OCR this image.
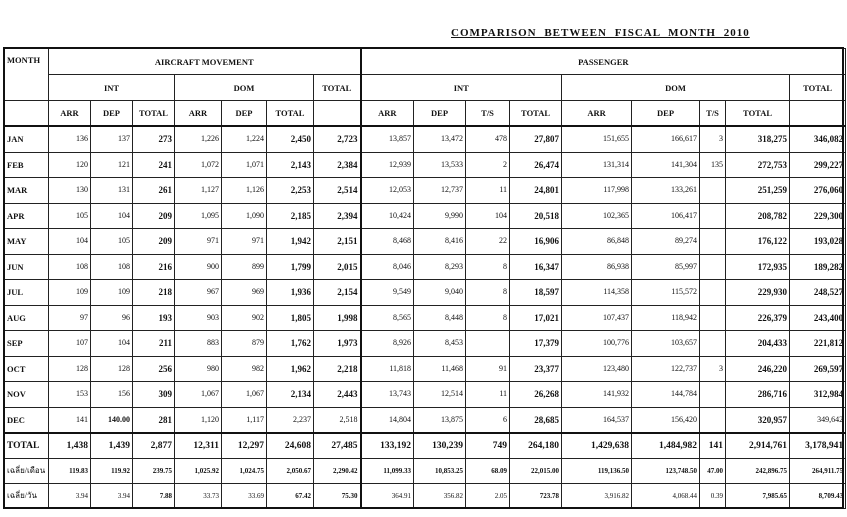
COMPARISON BETWEEN FISCAL MONTH 2010
MONTH	AIRCRAFT MOVEMENT							PASSENGER								
	INT			DOM			TOTAL	INT				DOM				TOTAL
	ARR	DEP	TOTAL	ARR	DEP	TOTAL		ARR	DEP	T/S	TOTAL	ARR	DEP	T/S	TOTAL	
JAN	136	137	273	1,226	1,224	2,450	2,723	13,857	13,472	478	27,807	151,655	166,617	3	318,275	346,082
FEB	120	121	241	1,072	1,071	2,143	2,384	12,939	13,533	2	26,474	131,314	141,304	135	272,753	299,227
MAR	130	131	261	1,127	1,126	2,253	2,514	12,053	12,737	11	24,801	117,998	133,261		251,259	276,060
APR	105	104	209	1,095	1,090	2,185	2,394	10,424	9,990	104	20,518	102,365	106,417		208,782	229,300
MAY	104	105	209	971	971	1,942	2,151	8,468	8,416	22	16,906	86,848	89,274		176,122	193,028
JUN	108	108	216	900	899	1,799	2,015	8,046	8,293	8	16,347	86,938	85,997		172,935	189,282
JUL	109	109	218	967	969	1,936	2,154	9,549	9,040	8	18,597	114,358	115,572		229,930	248,527
AUG	97	96	193	903	902	1,805	1,998	8,565	8,448	8	17,021	107,437	118,942		226,379	243,400
SEP	107	104	211	883	879	1,762	1,973	8,926	8,453		17,379	100,776	103,657		204,433	221,812
OCT	128	128	256	980	982	1,962	2,218	11,818	11,468	91	23,377	123,480	122,737	3	246,220	269,597
NOV	153	156	309	1,067	1,067	2,134	2,443	13,743	12,514	11	26,268	141,932	144,784		286,716	312,984
DEC	141	140.00	281	1,120	1,117	2,237	2,518	14,804	13,875	6	28,685	164,537	156,420		320,957	349,642
TOTAL	1,438	1,439	2,877	12,311	12,297	24,608	27,485	133,192	130,239	749	264,180	1,429,638	1,484,982	141	2,914,761	3,178,941
เฉลี่ย/เดือน	119.83	119.92	239.75	1,025.92	1,024.75	2,050.67	2,290.42	11,099.33	10,853.25	68.09	22,015.00	119,136.50	123,748.50	47.00	242,896.75	264,911.75
เฉลี่ย/วัน	3.94	3.94	7.88	33.73	33.69	67.42	75.30	364.91	356.82	2.05	723.78	3,916.82	4,068.44	0.39	7,985.65	8,709.43
